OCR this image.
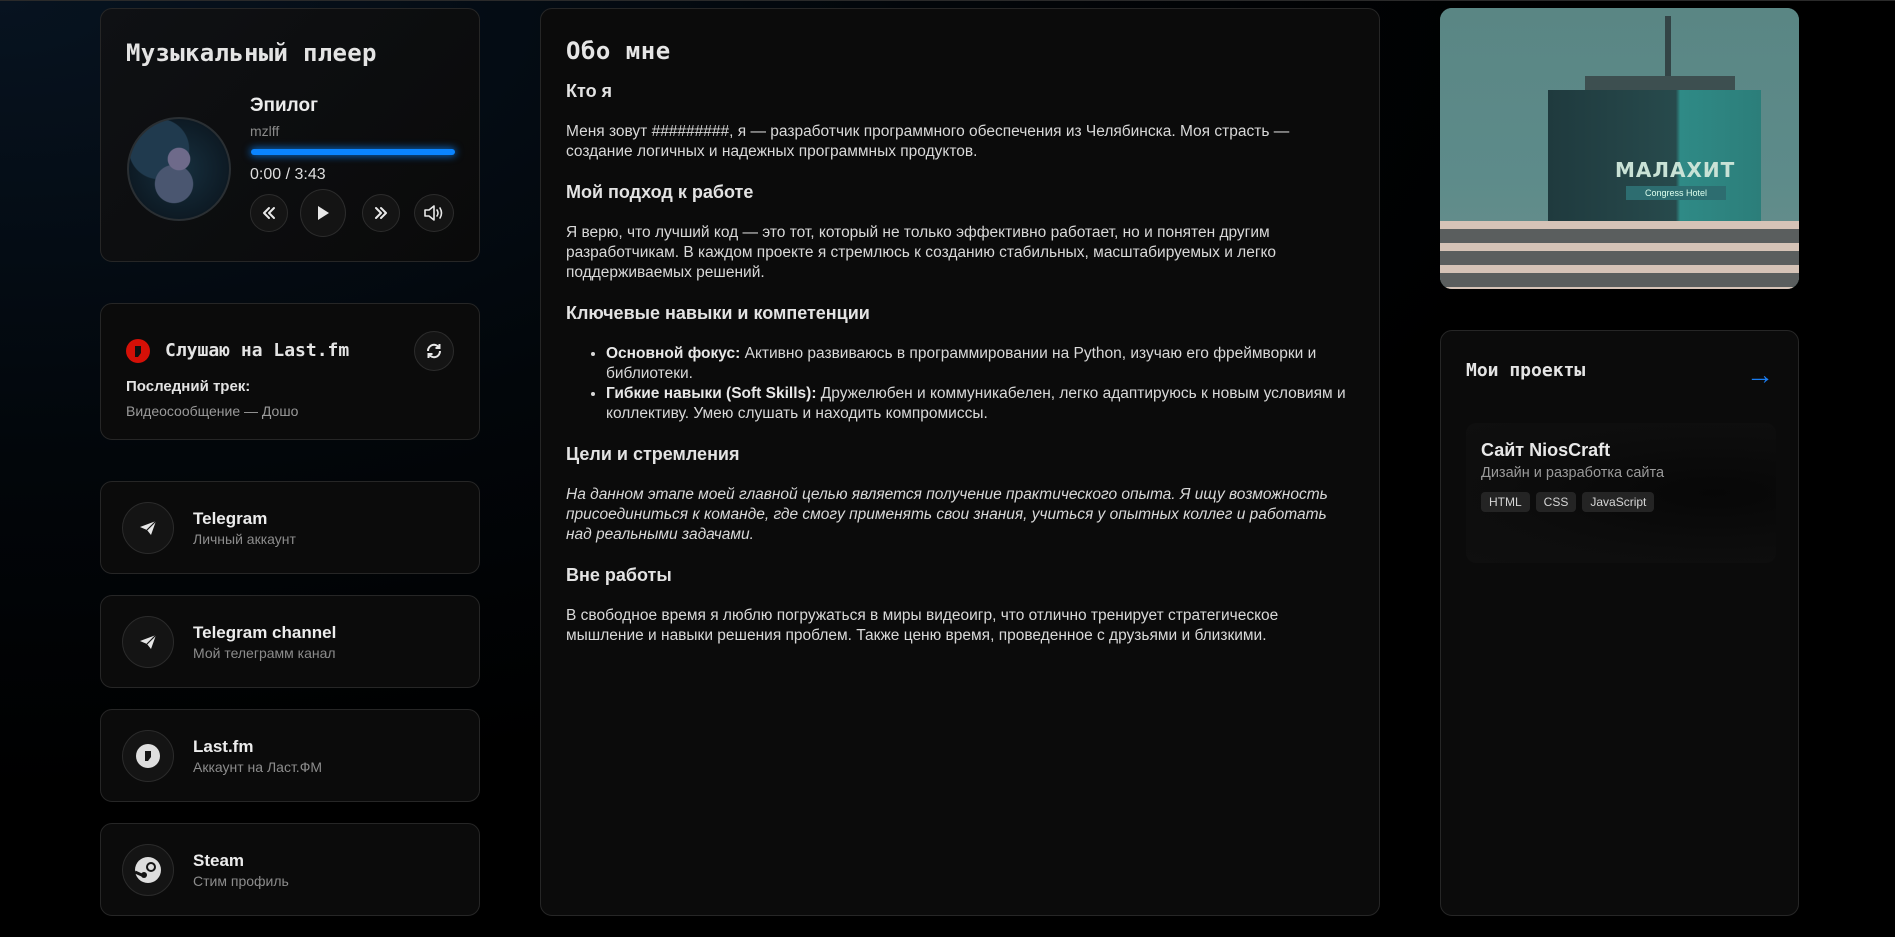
Музыкальный плеер
Эпилог
mzlff
0:00 / 3:43
Слушаю на Last.fm
Последний трек:
Видеосообщение — Дошо
Telegram
Личный аккаунт
Telegram channel
Мой телеграмм канал
Last.fm
Аккаунт на Ласт.ФМ
Steam
Стим профиль
Обо мне
Кто я

Меня зовут #########, я — разработчик программного обеспечения из Челябинска. Моя страсть — создание логичных и надежных программных продуктов.

Мой подход к работе

Я верю, что лучший код — это тот, который не только эффективно работает, но и понятен другим разработчикам. В каждом проекте я стремлюсь к созданию стабильных, масштабируемых и легко поддерживаемых решений.

Ключевые навыки и компетенции
• Основной фокус: Активно развиваюсь в программировании на Python, изучаю его фреймворки и библиотеки.
• Гибкие навыки (Soft Skills): Дружелюбен и коммуникабелен, легко адаптируюсь к новым условиям и коллективу. Умею слушать и находить компромиссы.
Цели и стремления

На данном этапе моей главной целью является получение практического опыта. Я ищу возможность присоединиться к команде, где смогу применять свои знания, учиться у опытных коллег и работать над реальными задачами.

Вне работы

В свободное время я люблю погружаться в миры видеоигр, что отлично тренирует стратегическое мышление и навыки решения проблем. Также ценю время, проведенное с друзьями и близкими.

МАЛАХИТ
Congress Hotel
Мои проекты	→
Сайт NiosCraft
Дизайн и разработка сайта
HTML	CSS	JavaScript
